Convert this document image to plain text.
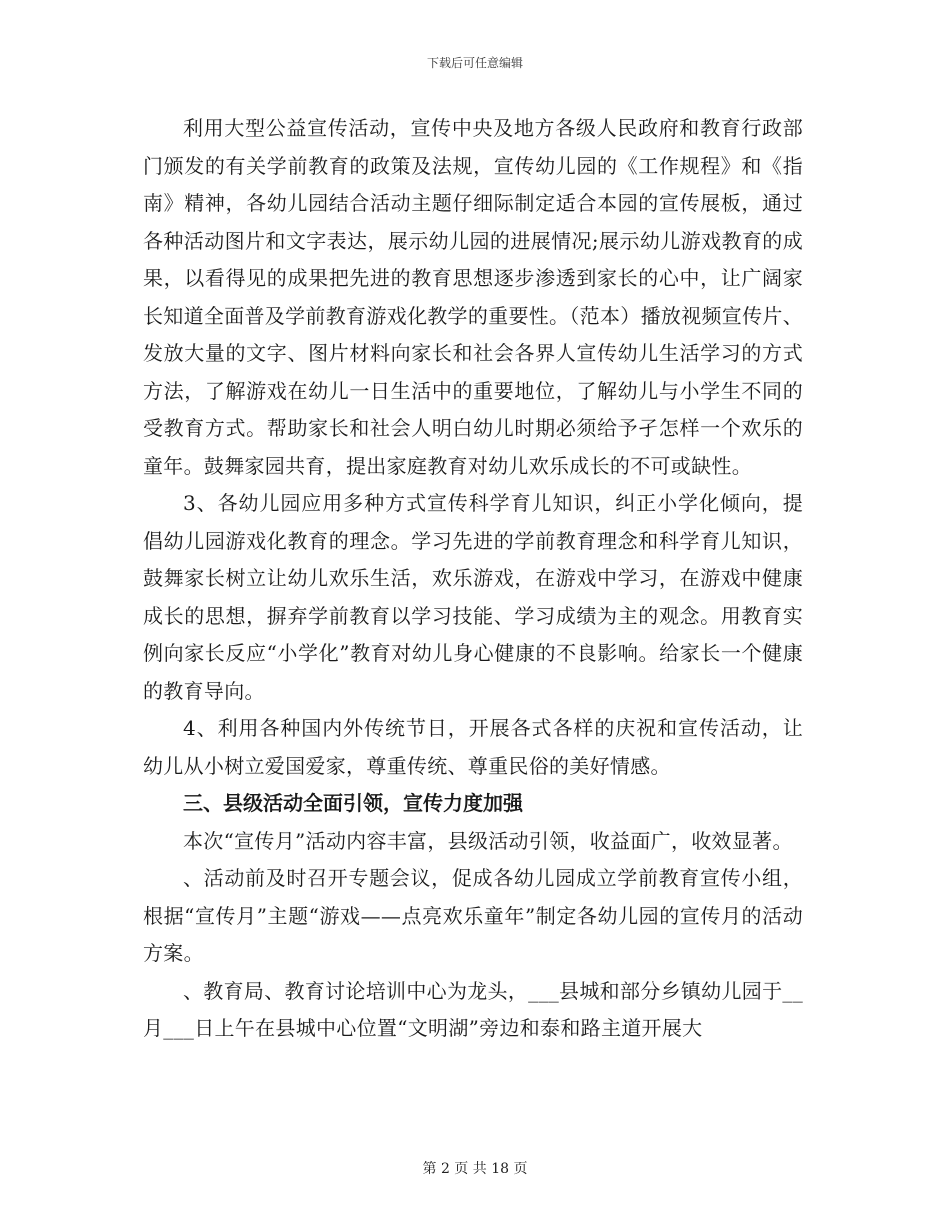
下载后可任意编辑

利用大型公益宣传活动，宣传中央及地方各级人民政府和教育行政部门颁发的有关学前教育的政策及法规，宣传幼儿园的《工作规程》和《指南》精神，各幼儿园结合活动主题仔细际制定适合本园的宣传展板，通过各种活动图片和文字表达，展示幼儿园的进展情况;展示幼儿游戏教育的成果，以看得见的成果把先进的教育思想逐步渗透到家长的心中，让广阔家长知道全面普及学前教育游戏化教学的重要性。（范本）播放视频宣传片、发放大量的文字、图片材料向家长和社会各界人宣传幼儿生活学习的方式方法，了解游戏在幼儿一日生活中的重要地位，了解幼儿与小学生不同的受教育方式。帮助家长和社会人明白幼儿时期必须给予孑怎样一个欢乐的童年。鼓舞家园共育，提出家庭教育对幼儿欢乐成长的不可或缺性。

3、各幼儿园应用多种方式宣传科学育儿知识，纠正小学化倾向，提倡幼儿园游戏化教育的理念。学习先进的学前教育理念和科学育儿知识，鼓舞家长树立让幼儿欢乐生活，欢乐游戏，在游戏中学习，在游戏中健康成长的思想，摒弃学前教育以学习技能、学习成绩为主的观念。用教育实例向家长反应“小学化”教育对幼儿身心健康的不良影响。给家长一个健康的教育导向。

4、利用各种国内外传统节日，开展各式各样的庆祝和宣传活动，让幼儿从小树立爱国爱家，尊重传统、尊重民俗的美好情感。

三、县级活动全面引领，宣传力度加强

本次“宣传月”活动内容丰富，县级活动引领，收益面广，收效显著。

、活动前及时召开专题会议，促成各幼儿园成立学前教育宣传小组，根据“宣传月”主题“游戏——点亮欢乐童年”制定各幼儿园的宣传月的活动方案。

、教育局、教育讨论培训中心为龙头，___县城和部分乡镇幼儿园于__月___日上午在县城中心位置“文明湖”旁边和泰和路主道开展大

第 2 页 共 18 页
